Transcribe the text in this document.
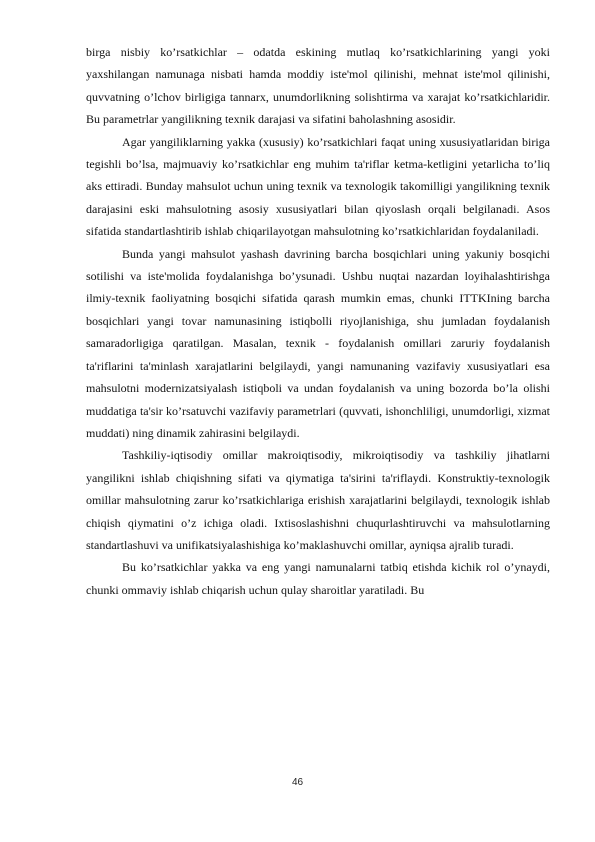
birga nisbiy ko’rsatkichlar – odatda eskining mutlaq ko’rsatkichlarining yangi yoki yaxshilangan namunaga nisbati hamda moddiy iste'mol qilinishi, mehnat iste'mol qilinishi, quvvatning o’lchov birligiga tannarx, unumdorlikning solishtirma va xarajat ko’rsatkichlaridir. Bu parametrlar yangilikning texnik darajasi va sifatini baholashning asosidir.

Agar yangiliklarning yakka (xususiy) ko’rsatkichlari faqat uning xususiyatlaridan biriga tegishli bo’lsa, majmuaviy ko’rsatkichlar eng muhim ta'riflar ketma-ketligini yetarlicha to’liq aks ettiradi. Bunday mahsulot uchun uning texnik va texnologik takomilligi yangilikning texnik darajasini eski mahsulotning asosiy xususiyatlari bilan qiyoslash orqali belgilanadi. Asos sifatida standartlashtirib ishlab chiqarilayotgan mahsulotning ko’rsatkichlaridan foydalaniladi.

Bunda yangi mahsulot yashash davrining barcha bosqichlari uning yakuniy bosqichi sotilishi va iste'molida foydalanishga bo’ysunadi. Ushbu nuqtai nazardan loyihalashtirishga ilmiy-texnik faoliyatning bosqichi sifatida qarash mumkin emas, chunki ITTKIning barcha bosqichlari yangi tovar namunasining istiqbolli riyojlanishiga, shu jumladan foydalanish samaradorligiga qaratilgan. Masalan, texnik - foydalanish omillari zaruriy foydalanish ta'riflarini ta'minlash xarajatlarini belgilaydi, yangi namunaning vazifaviy xususiyatlari esa mahsulotni modernizatsiyalash istiqboli va undan foydalanish va uning bozorda bo’la olishi muddatiga ta'sir ko’rsatuvchi vazifaviy parametrlari (quvvati, ishonchliligi, unumdorligi, xizmat muddati) ning dinamik zahirasini belgilaydi.

Tashkiliy-iqtisodiy omillar makroiqtisodiy, mikroiqtisodiy va tashkiliy jihatlarni yangilikni ishlab chiqishning sifati va qiymatiga ta'sirini ta'riflaydi. Konstruktiy-texnologik omillar mahsulotning zarur ko’rsatkichlariga erishish xarajatlarini belgilaydi, texnologik ishlab chiqish qiymatini o’z ichiga oladi. Ixtisoslashishni chuqurlashtiruvchi va mahsulotlarning standartlashuvi va unifikatsiyalashishiga ko’maklashuvchi omillar, ayniqsa ajralib turadi.

Bu ko’rsatkichlar yakka va eng yangi namunalarni tatbiq etishda kichik rol o’ynaydi, chunki ommaviy ishlab chiqarish uchun qulay sharoitlar yaratiladi. Bu

46
